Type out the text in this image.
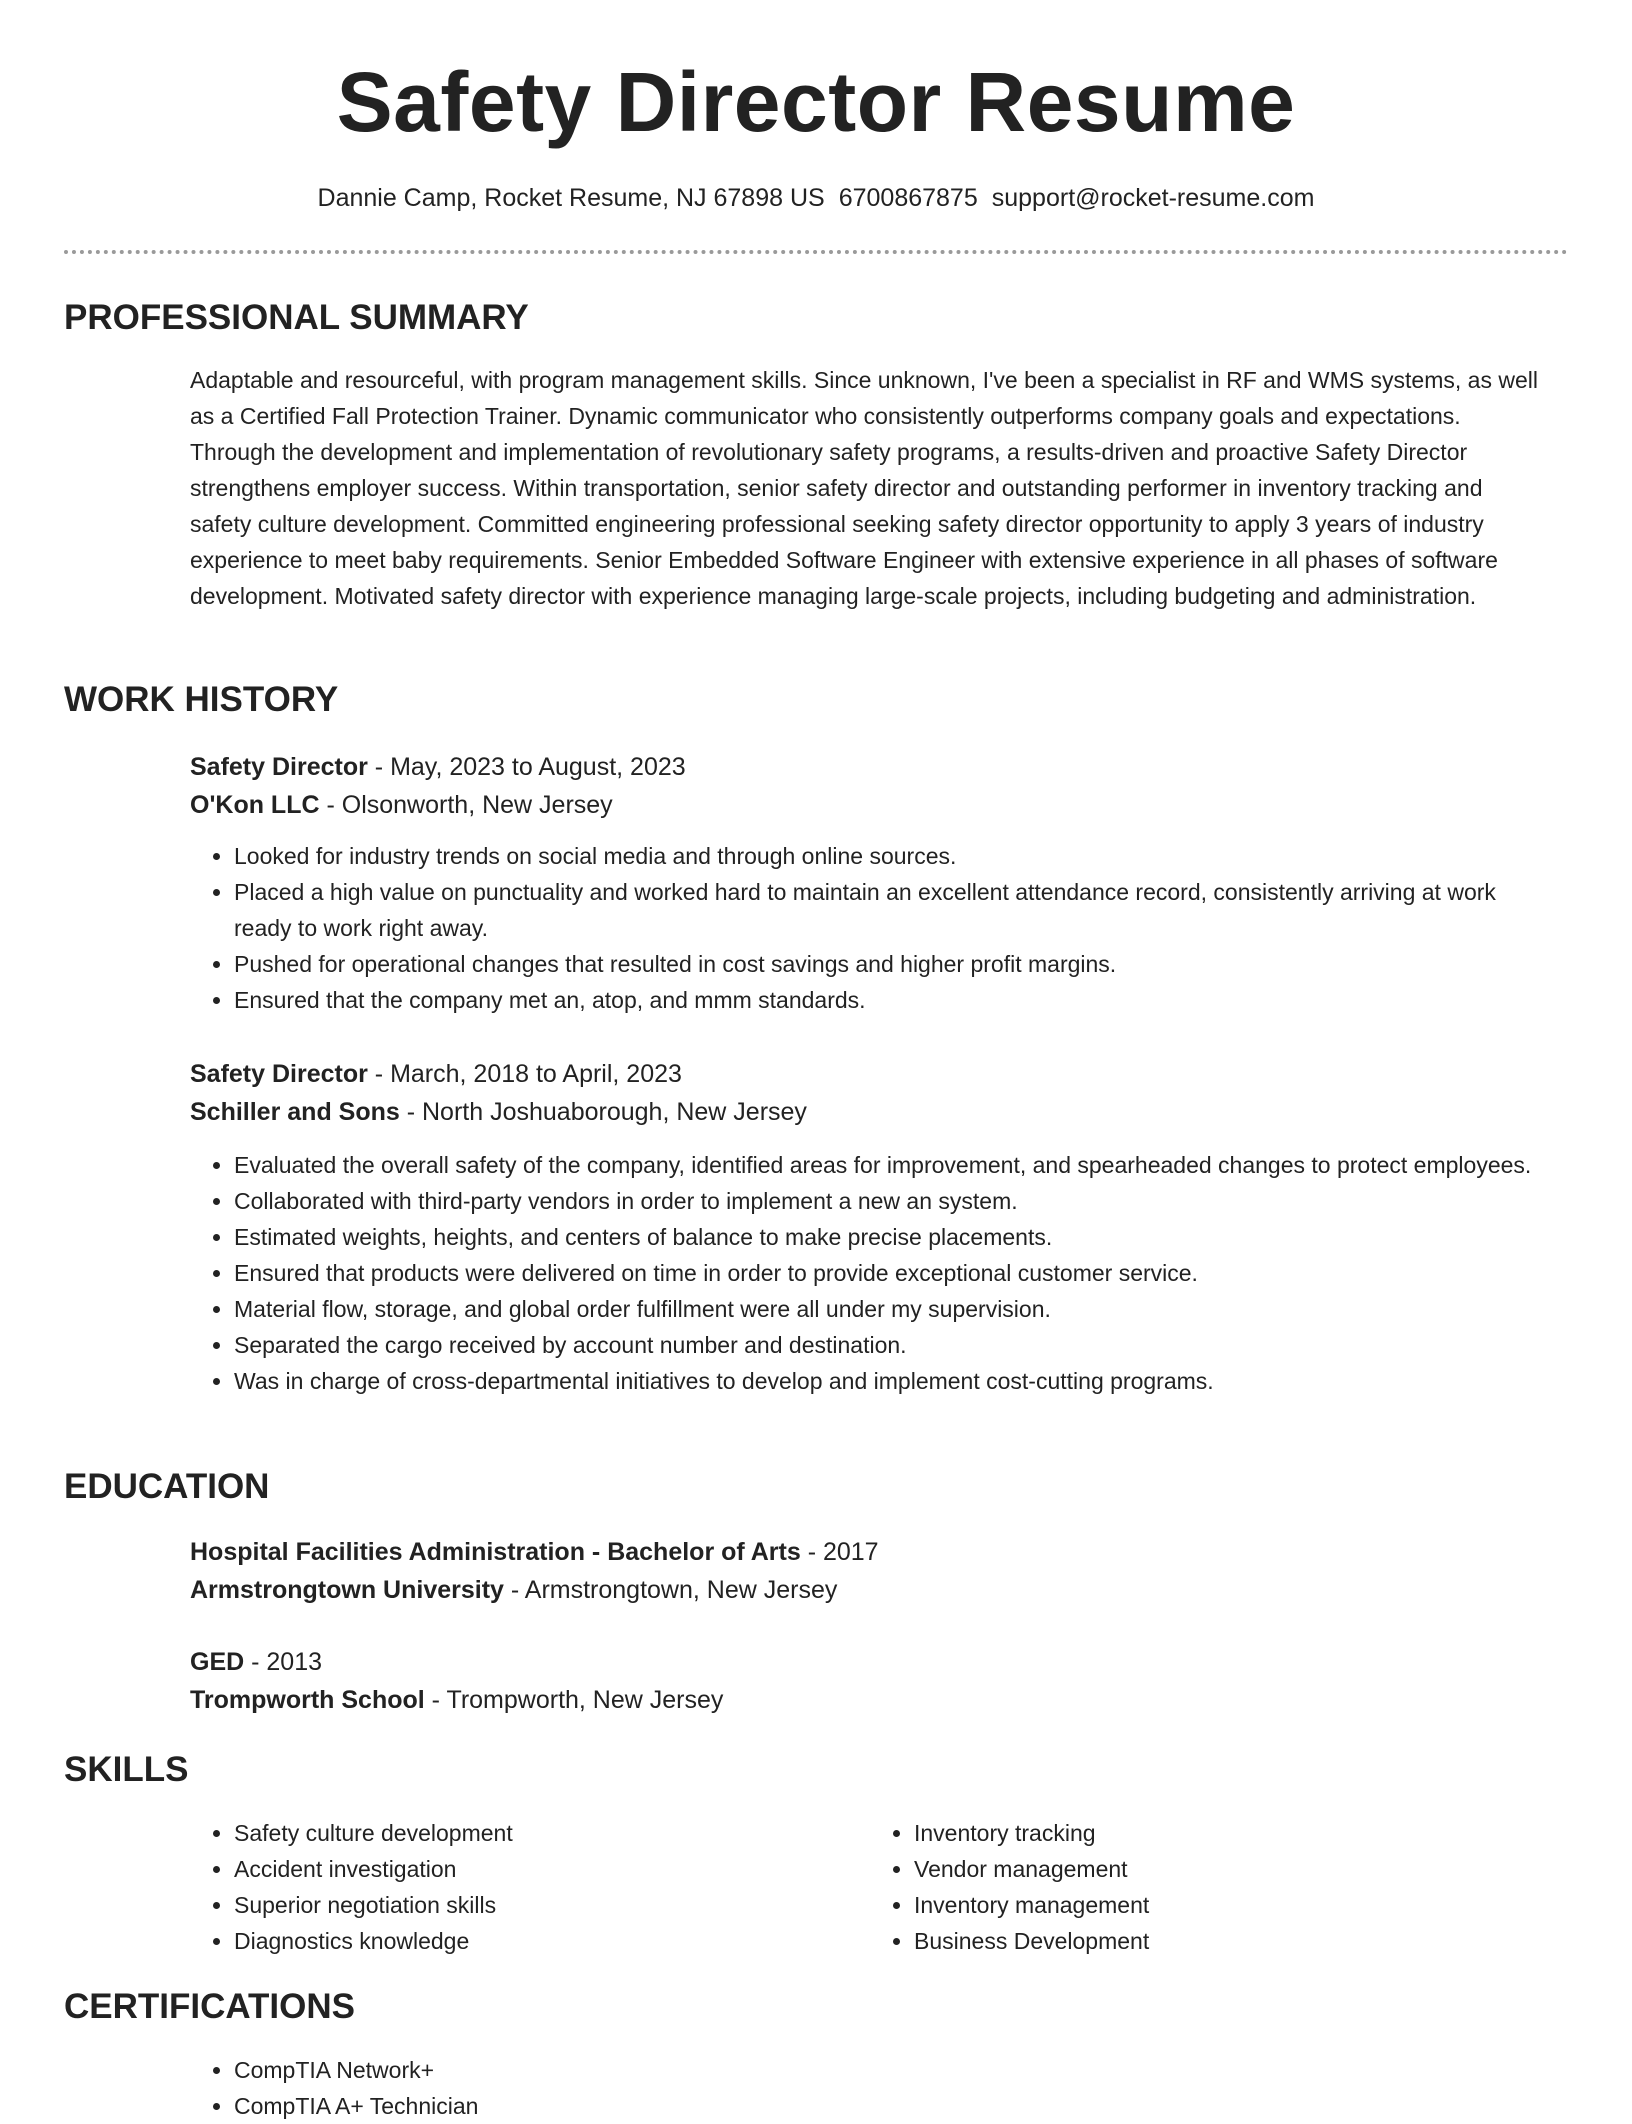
Safety Director Resume
Dannie Camp, Rocket Resume, NJ 67898 US 6700867875 support@rocket-resume.com
PROFESSIONAL SUMMARY

Adaptable and resourceful, with program management skills. Since unknown, I've been a specialist in RF and WMS systems, as well as a Certified Fall Protection Trainer. Dynamic communicator who consistently outperforms company goals and expectations. Through the development and implementation of revolutionary safety programs, a results-driven and proactive Safety Director strengthens employer success. Within transportation, senior safety director and outstanding performer in inventory tracking and safety culture development. Committed engineering professional seeking safety director opportunity to apply 3 years of industry experience to meet baby requirements. Senior Embedded Software Engineer with extensive experience in all phases of software development. Motivated safety director with experience managing large-scale projects, including budgeting and administration.

WORK HISTORY

Safety Director - May, 2023 to August, 2023

O'Kon LLC - Olsonworth, New Jersey

• Looked for industry trends on social media and through online sources.
• Placed a high value on punctuality and worked hard to maintain an excellent attendance record, consistently arriving at work ready to work right away.
• Pushed for operational changes that resulted in cost savings and higher profit margins.
• Ensured that the company met an, atop, and mmm standards.

Safety Director - March, 2018 to April, 2023

Schiller and Sons - North Joshuaborough, New Jersey

• Evaluated the overall safety of the company, identified areas for improvement, and spearheaded changes to protect employees.
• Collaborated with third-party vendors in order to implement a new an system.
• Estimated weights, heights, and centers of balance to make precise placements.
• Ensured that products were delivered on time in order to provide exceptional customer service.
• Material flow, storage, and global order fulfillment were all under my supervision.
• Separated the cargo received by account number and destination.
• Was in charge of cross-departmental initiatives to develop and implement cost-cutting programs.
EDUCATION

Hospital Facilities Administration - Bachelor of Arts - 2017

Armstrongtown University - Armstrongtown, New Jersey

GED - 2013

Trompworth School - Trompworth, New Jersey

SKILLS
• Safety culture development
• Accident investigation
• Superior negotiation skills
• Diagnostics knowledge
• Inventory tracking
• Vendor management
• Inventory management
• Business Development
CERTIFICATIONS
• CompTIA Network+
• CompTIA A+ Technician
